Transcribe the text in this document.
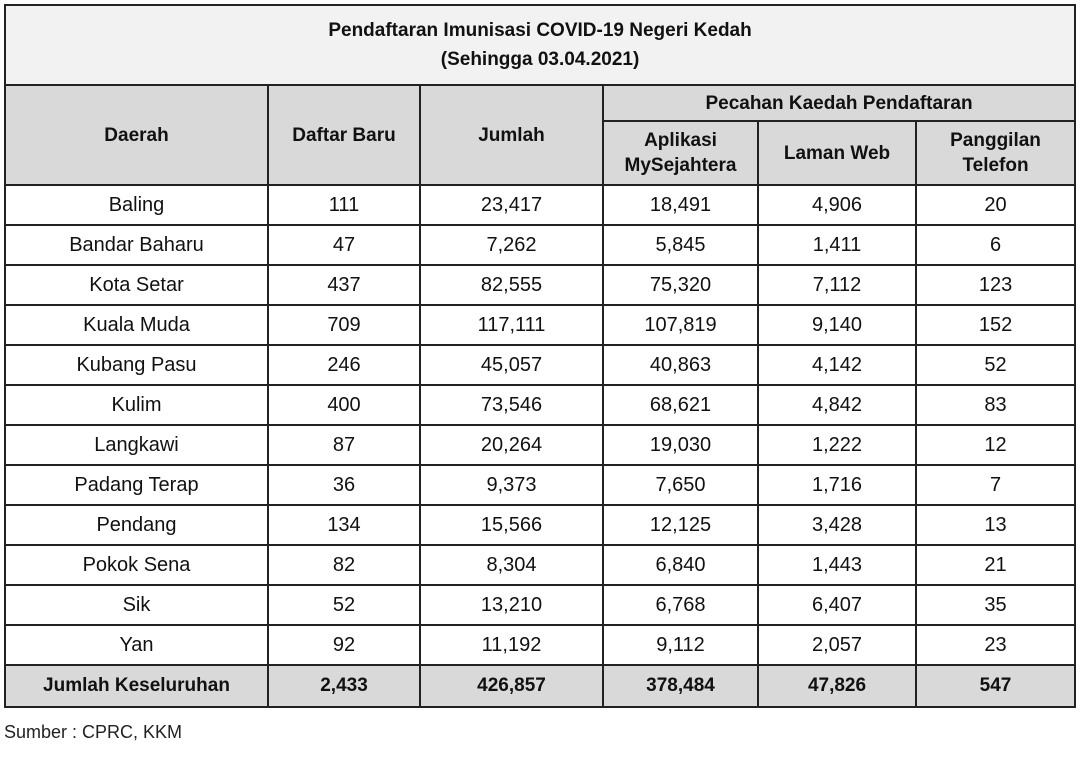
Pendaftaran Imunisasi COVID-19 Negeri Kedah
(Sehingga 03.04.2021)					

Daerah	Daftar Baru	Jumlah	Pecahan Kaedah Pendaftaran		

			Aplikasi MySejahtera	Laman Web	Panggilan Telefon

Baling	111	23,417	18,491	4,906	20
Bandar Baharu	47	7,262	5,845	1,411	6
Kota Setar	437	82,555	75,320	7,112	123
Kuala Muda	709	117,111	107,819	9,140	152
Kubang Pasu	246	45,057	40,863	4,142	52
Kulim	400	73,546	68,621	4,842	83
Langkawi	87	20,264	19,030	1,222	12
Padang Terap	36	9,373	7,650	1,716	7
Pendang	134	15,566	12,125	3,428	13
Pokok Sena	82	8,304	6,840	1,443	21
Sik	52	13,210	6,768	6,407	35
Yan	92	11,192	9,112	2,057	23
Jumlah Keseluruhan	2,433	426,857	378,484	47,826	547
Sumber : CPRC, KKM
